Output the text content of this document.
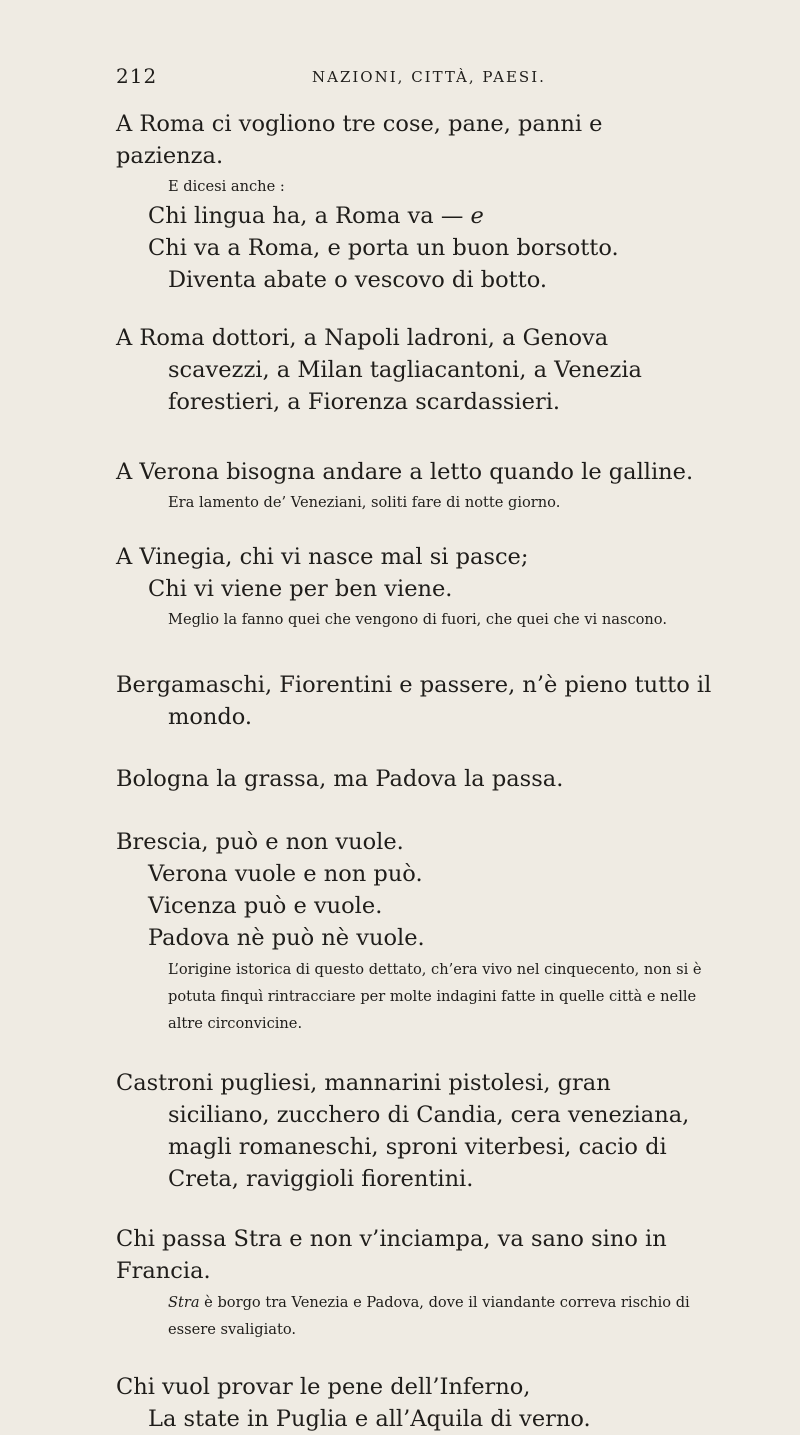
212	NAZIONI, CITTÀ, PAESI.

A Roma ci vogliono tre cose, pane, panni e pazienza.

E dicesi anche :

Chi lingua ha, a Roma va — e

Chi va a Roma, e porta un buon borsotto.

Diventa abate o vescovo di botto.

A Roma dottori, a Napoli ladroni, a Genova scavezzi, a Milan tagliacantoni, a Venezia forestieri, a Fiorenza scardassieri.

A Verona bisogna andare a letto quando le galline.

Era lamento de’ Veneziani, soliti fare di notte giorno.

A Vinegia, chi vi nasce mal si pasce;

Chi vi viene per ben viene.

Meglio la fanno quei che vengono di fuori, che quei che vi nascono.

Bergamaschi, Fiorentini e passere, n’è pieno tutto il mondo.

Bologna la grassa, ma Padova la passa.

Brescia, può e non vuole.

Verona vuole e non può.

Vicenza può e vuole.

Padova nè può nè vuole.

L’origine istorica di questo dettato, ch’era vivo nel cinquecento, non si è potuta finquì rintracciare per molte indagini fatte in quelle città e nelle altre circonvicine.

Castroni pugliesi, mannarini pistolesi, gran siciliano, zucchero di Candia, cera veneziana, magli romaneschi, sproni viterbesi, cacio di Creta, raviggioli fiorentini.

Chi passa Stra e non v’inciampa, va sano sino in Francia.

Stra è borgo tra Venezia e Padova, dove il viandante correva rischio di essere svaligiato.

Chi vuol provar le pene dell’Inferno,

La state in Puglia e all’Aquila di verno.
